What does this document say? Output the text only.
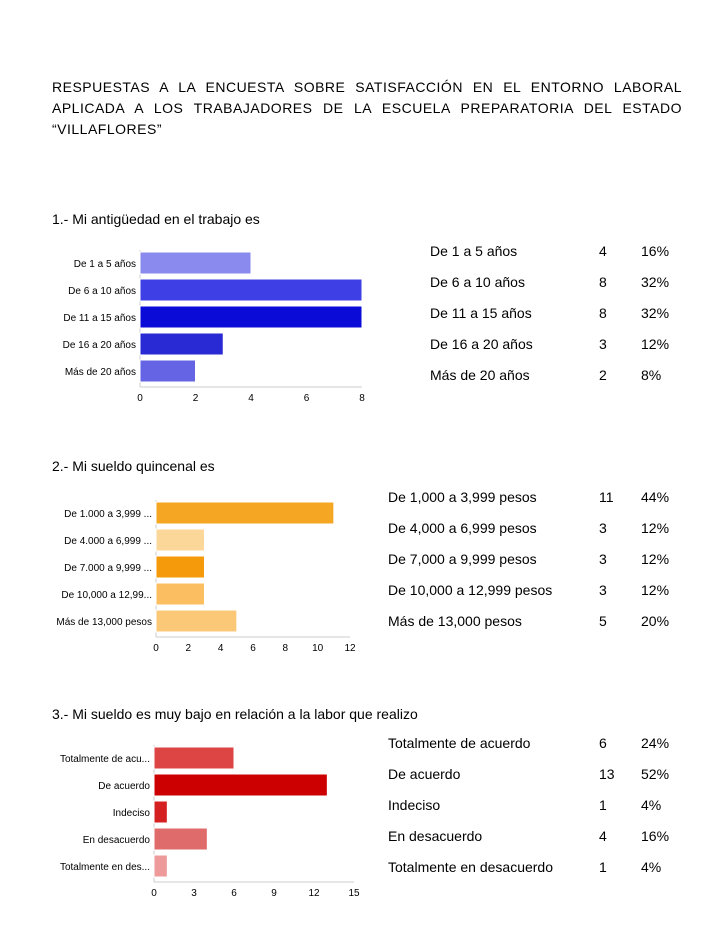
RESPUESTAS A LA ENCUESTA SOBRE SATISFACCIÓN EN EL ENTORNO LABORAL APLICADA A LOS TRABAJADORES DE LA ESCUELA PREPARATORIA DEL ESTADO “VILLAFLORES”
1.- Mi antigüedad en el trabajo es
De 1 a 5 años
De 6 a 10 años
De 11 a 15 años
De 16 a 20 años
Más de 20 años
0	2	4	6	8
De 1 a 5 años	4 16%
De 6 a 10 años	8 32%
De 11 a 15 años	8 32%
De 16 a 20 años	3 12%
Más de 20 años	2 8%
2.- Mi sueldo quincenal es
De 1.000 a 3,999 ...
De 4.000 a 6,999 ...
De 7.000 a 9,999 ...
De 10,000 a 12,99...
Más de 13,000 pesos
0	2	4	6	8 10 12
De 1,000 a 3,999 pesos	11 44%
De 4,000 a 6,999 pesos	3 12%
De 7,000 a 9,999 pesos	3 12%
De 10,000 a 12,999 pesos	3 12%
Más de 13,000 pesos	5 20%
3.- Mi sueldo es muy bajo en relación a la labor que realizo
Totalmente de acu...
De acuerdo
Indeciso
En desacuerdo
Totalmente en des...
0	3	6	9	12	15
Totalmente de acuerdo	6 24%
De acuerdo	13 52%
Indeciso	1 4%
En desacuerdo	4 16%
Totalmente en desacuerdo	1 4%
